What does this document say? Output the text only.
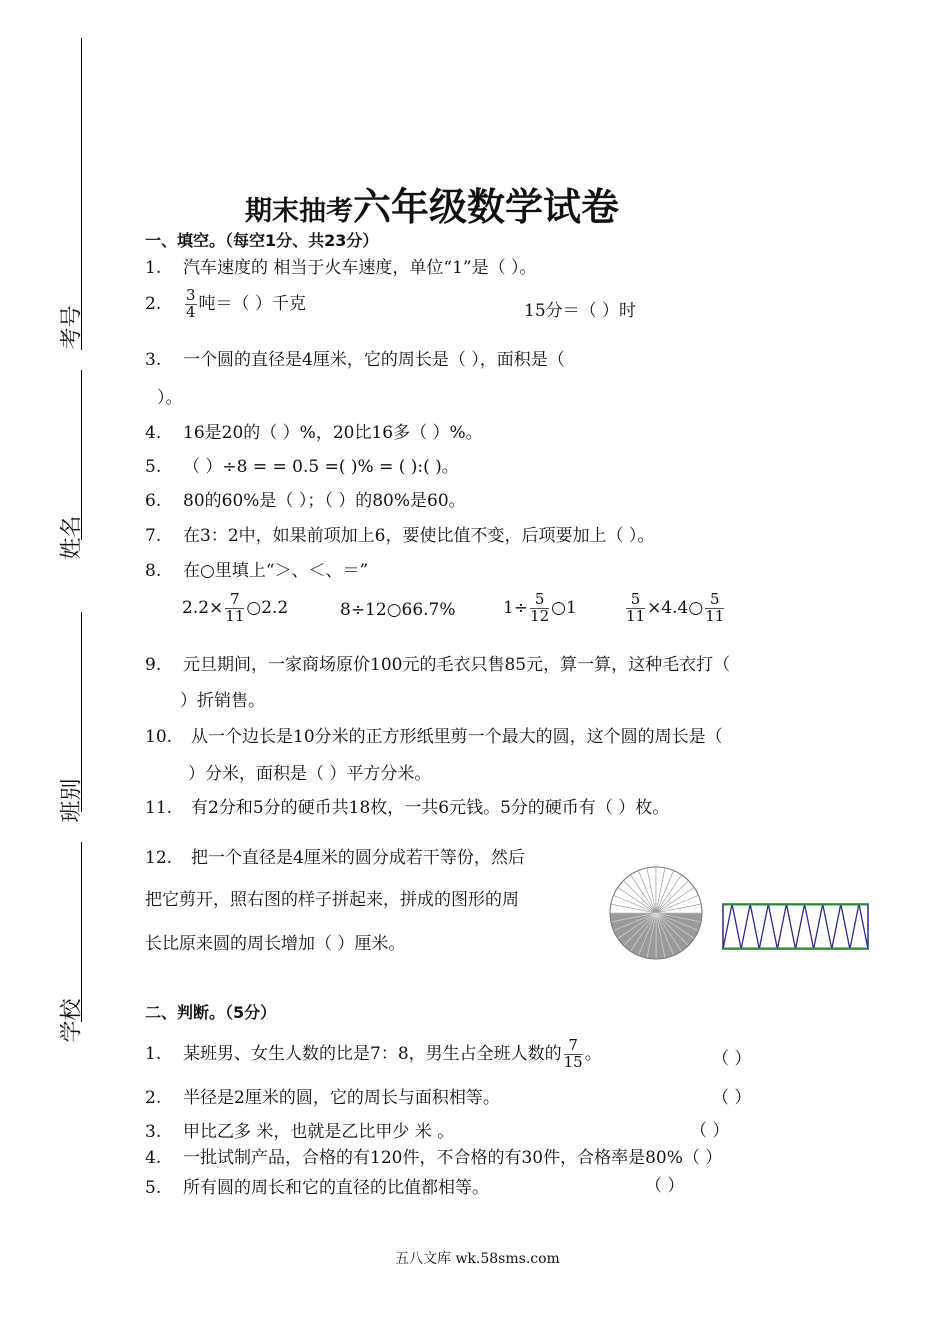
考号
姓名
班别
学校
期末抽考六年级数学试卷
一、填空。（每空1分、共23分）
1. 汽车速度的 相当于火车速度，单位“1”是（ ）。
2. $\frac{3}{4}$ 吨＝（ ）千克	15分＝（ ）时
3. 一个圆的直径是4厘米，它的周长是（ ），面积是（
）。
4. 16是20的（ ）%，20比16多（ ）%。
5. （ ）÷8 = = 0.5 =( )% = ( ):( )。
6. 80的60%是（ ）；（ ）的80%是60。
7. 在3：2中，如果前项加上6，要使比值不变，后项要加上（ ）。
8. 在○里填上“＞、＜、＝”
$2.2\times \frac{7}{11}$ ○2.2	8÷12○66.7%	$1\div \frac{5}{12}$ ○1	$\frac{5}{11}$ ×4.4○ $\frac{5}{11}$
9. 元旦期间，一家商场原价100元的毛衣只售85元，算一算，这种毛衣打（
）折销售。
10. 从一个边长是10分米的正方形纸里剪一个最大的圆，这个圆的周长是（
）分米，面积是（ ）平方分米。
11. 有2分和5分的硬币共18枚，一共6元钱。5分的硬币有（ ）枚。
12. 把一个直径是4厘米的圆分成若干等份，然后
把它剪开，照右图的样子拼起来，拼成的图形的周
长比原来圆的周长增加（ ）厘米。
二、判断。（5分）
1. 某班男、女生人数的比是7：8，男生占全班人数的 $\frac{7}{15}$ 。	（ ）
2. 半径是2厘米的圆，它的周长与面积相等。	（ ）
3. 甲比乙多 米，也就是乙比甲少 米 。	（ ）
4. 一批试制产品，合格的有120件，不合格的有30件，合格率是80%（ ）
5. 所有圆的周长和它的直径的比值都相等。	（ ）
五八文库 wk.58sms.com
